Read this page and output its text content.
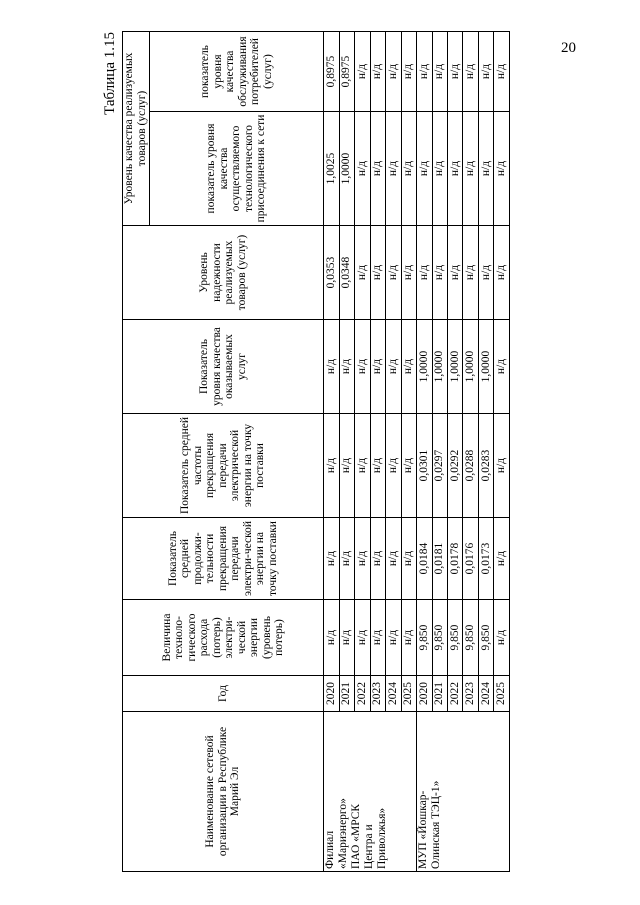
20
Таблица 1.15
Наименование сетевой организации в Республике Марий Эл	Год	Величина техноло-гического расхода (потерь) электри-ческой энергии (уровень потерь)	Показатель средней продолжи-тельности прекращения передачи электри-ческой энергии на точку поставки	Показатель средней частоты прекращения передачи электрической энергии на точку поставки	Показатель уровня качества оказываемых услуг	Уровень надежности реализуемых товаров (услуг)	Уровень качества реализуемых товаров (услуг)	
							показатель уровня качества осуществляемого технологического присоединения к сети	показатель уровня качества обслуживания потребителей (услуг)

Филиал «Мариэнерго» ПАО «МРСК Центра и Приволжья»	2020	н/д	н/д	н/д	н/д	0,0353	1,0025	0,8975
	2021	н/д	н/д	н/д	н/д	0,0348	1,0000	0,8975
	2022	н/д	н/д	н/д	н/д	н/д	н/д	н/д
	2023	н/д	н/д	н/д	н/д	н/д	н/д	н/д
	2024	н/д	н/д	н/д	н/д	н/д	н/д	н/д
	2025	н/д	н/д	н/д	н/д	н/д	н/д	н/д

МУП «Йошкар- Олинская ТЭЦ-1»	2020	9,850	0,0184	0,0301	1,0000	н/д	н/д	н/д
	2021	9,850	0,0181	0,0297	1,0000	н/д	н/д	н/д
	2022	9,850	0,0178	0,0292	1,0000	н/д	н/д	н/д
	2023	9,850	0,0176	0,0288	1,0000	н/д	н/д	н/д
	2024	9,850	0,0173	0,0283	1,0000	н/д	н/д	н/д
	2025	н/д	н/д	н/д	н/д	н/д	н/д	н/д
